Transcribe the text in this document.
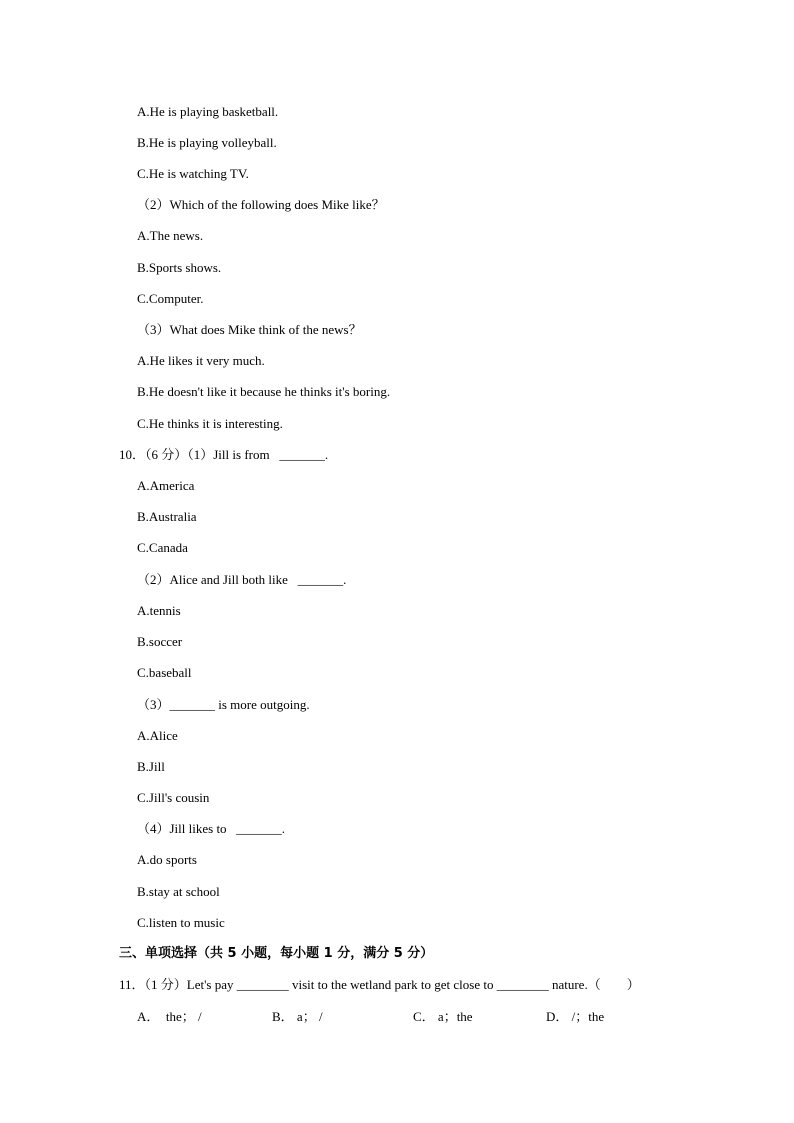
A.He is playing basketball.
B.He is playing volleyball.
C.He is watching TV.
（2）Which of the following does Mike like？
A.The news.
B.Sports shows.
C.Computer.
（3）What does Mike think of the news？
A.He likes it very much.
B.He doesn't like it because he thinks it's boring.
C.He thinks it is interesting.
10．（6 分）（1）Jill is from   _______.
A.America
B.Australia
C.Canada
（2）Alice and Jill both like   _______.
A.tennis
B.soccer
C.baseball
（3）_______ is more outgoing.
A.Alice
B.Jill
C.Jill's cousin
（4）Jill likes to   _______.
A.do sports
B.stay at school
C.listen to music
三、单项选择（共 5 小题，每小题 1 分，满分 5 分）
11．（1 分）Let's pay ________ visit to the wetland park to get close to ________ nature.（　　）
A．  the； /	B． a； /	C． a；the	D． /；the
